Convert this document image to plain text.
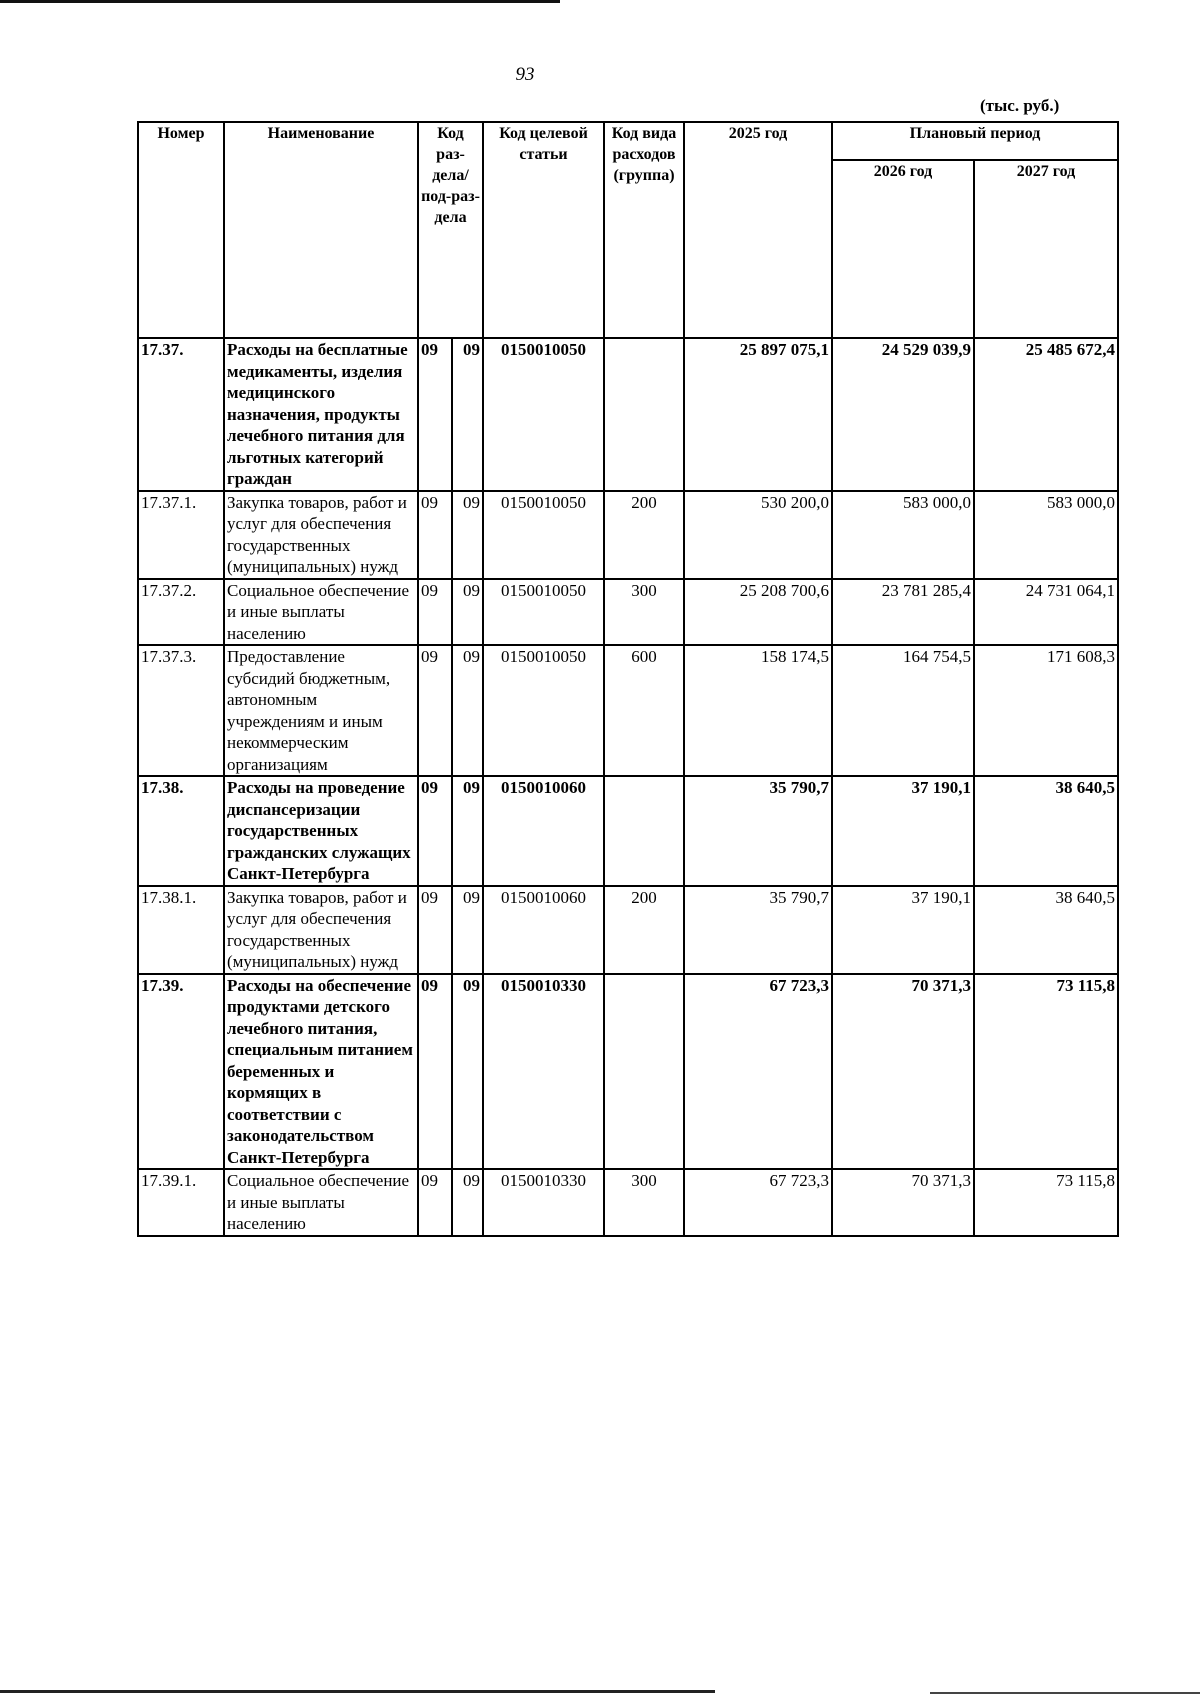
93
(тыс. руб.)
Номер	Наименование	Код раз-дела/ под-раз-дела		Код целевой статьи	Код вида расходов (группа)	2025 год	Плановый период	
							2026 год	2027 год
17.37.	Расходы на бесплатные медикаменты, изделия медицинского назначения, продукты лечебного питания для льготных категорий граждан	09	09	0150010050		25 897 075,1	24 529 039,9	25 485 672,4
17.37.1.	Закупка товаров, работ и услуг для обеспечения государственных (муниципальных) нужд	09	09	0150010050	200	530 200,0	583 000,0	583 000,0
17.37.2.	Социальное обеспечение и иные выплаты населению	09	09	0150010050	300	25 208 700,6	23 781 285,4	24 731 064,1
17.37.3.	Предоставление субсидий бюджетным, автономным учреждениям и иным некоммерческим организациям	09	09	0150010050	600	158 174,5	164 754,5	171 608,3
17.38.	Расходы на проведение диспансеризации государственных гражданских служащих Санкт-Петербурга	09	09	0150010060		35 790,7	37 190,1	38 640,5
17.38.1.	Закупка товаров, работ и услуг для обеспечения государственных (муниципальных) нужд	09	09	0150010060	200	35 790,7	37 190,1	38 640,5
17.39.	Расходы на обеспечение продуктами детского лечебного питания, специальным питанием беременных и кормящих в соответствии с законодательством Санкт-Петербурга	09	09	0150010330		67 723,3	70 371,3	73 115,8
17.39.1.	Социальное обеспечение и иные выплаты населению	09	09	0150010330	300	67 723,3	70 371,3	73 115,8
